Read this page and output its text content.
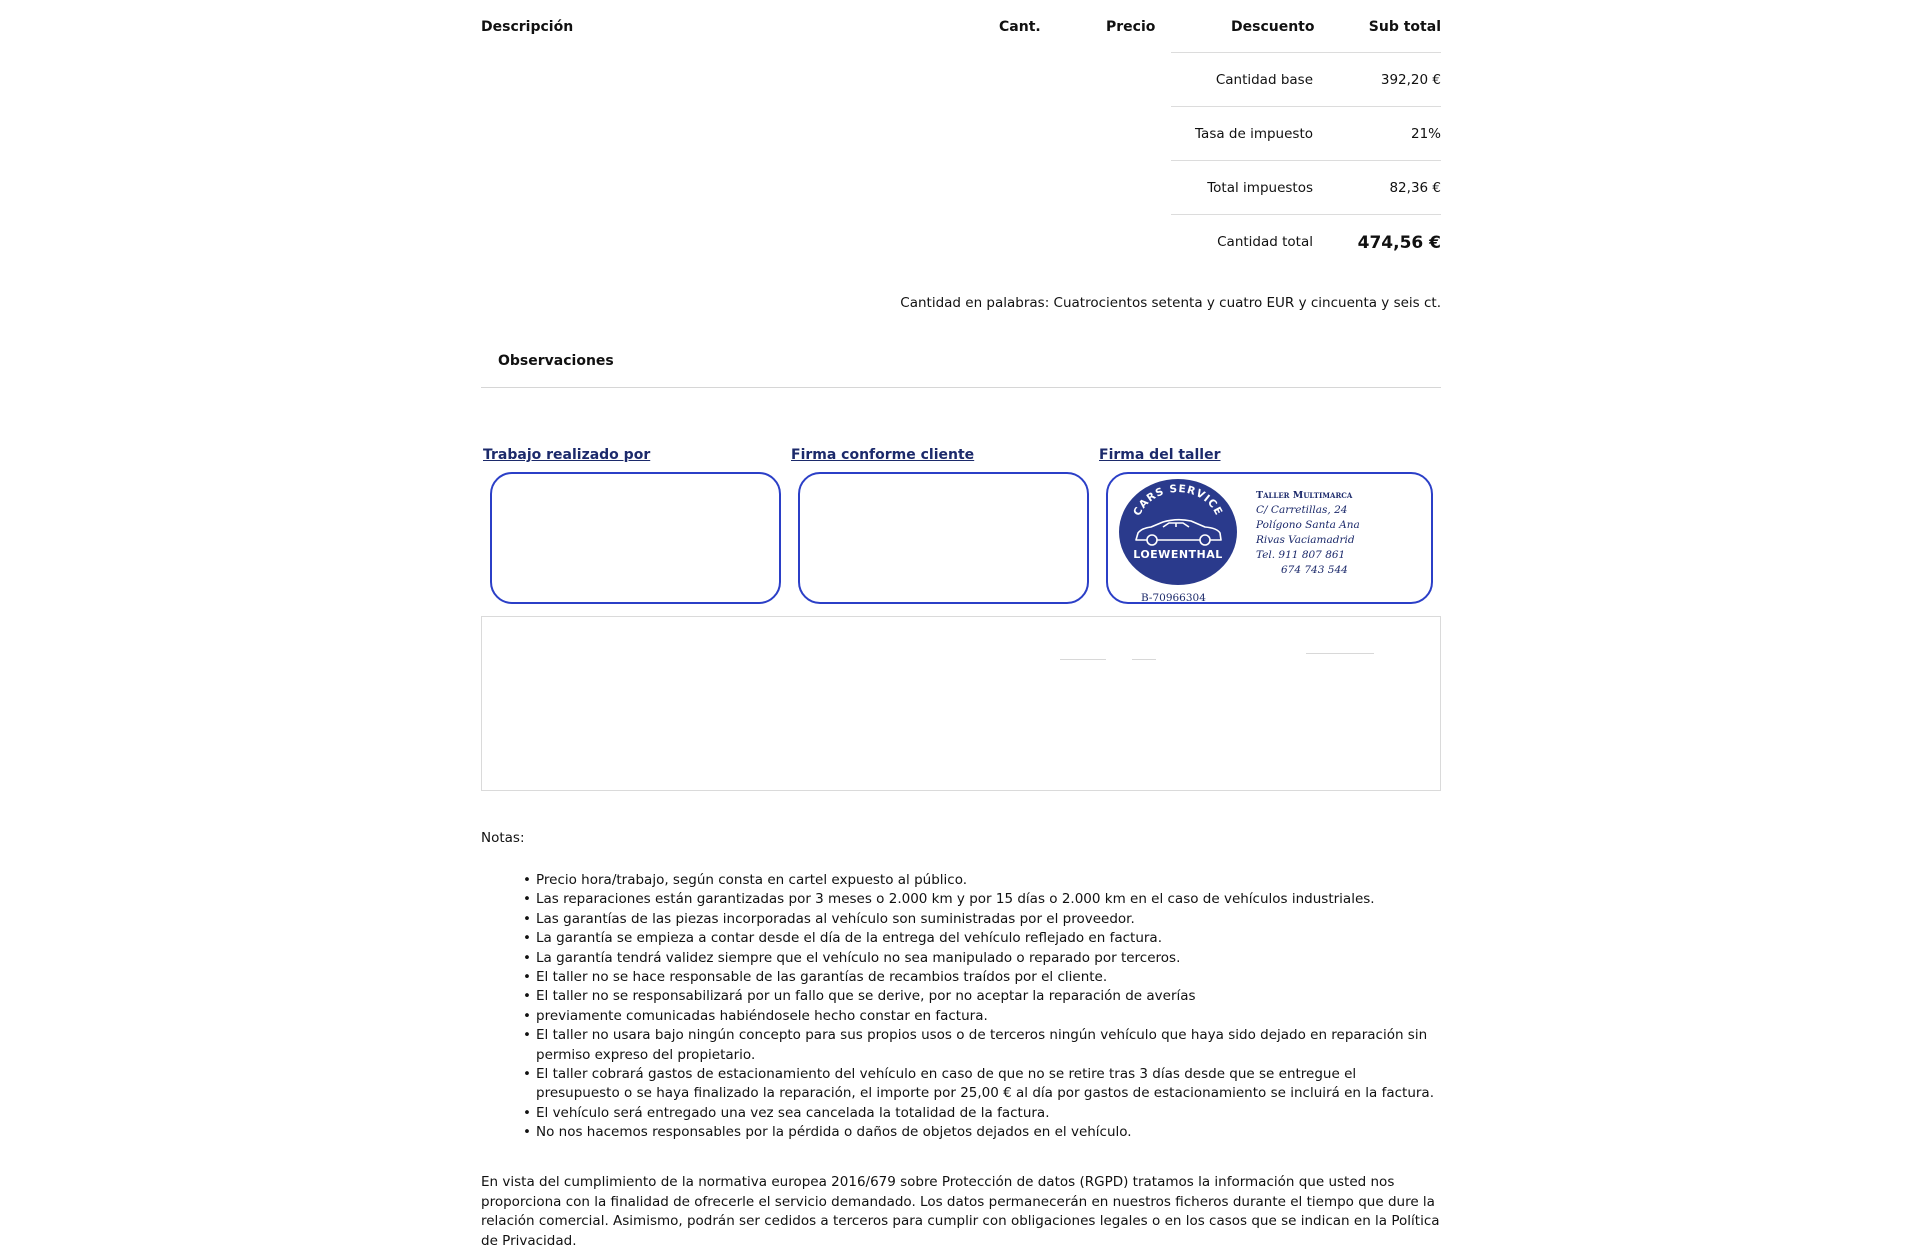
Descripción	Cant.	Precio	Descuento	Sub total
Cantidad base	392,20 €
Tasa de impuesto	21%
Total impuestos	82,36 €
Cantidad total	474,56 €
Cantidad en palabras: Cuatrocientos setenta y cuatro EUR y cincuenta y seis ct.
Observaciones
Trabajo realizado por	Firma conforme cliente	Firma del taller
CARS SERVICE
LOEWENTHAL
Taller Multimarca
C/ Carretillas, 24
Polígono Santa Ana
Rivas Vaciamadrid
Tel. 911 807 861
674 743 544
B-70966304
Notas:
• Precio hora/trabajo, según consta en cartel expuesto al público.
• Las reparaciones están garantizadas por 3 meses o 2.000 km y por 15 días o 2.000 km en el caso de vehículos industriales.
• Las garantías de las piezas incorporadas al vehículo son suministradas por el proveedor.
• La garantía se empieza a contar desde el día de la entrega del vehículo reflejado en factura.
• La garantía tendrá validez siempre que el vehículo no sea manipulado o reparado por terceros.
• El taller no se hace responsable de las garantías de recambios traídos por el cliente.
• El taller no se responsabilizará por un fallo que se derive, por no aceptar la reparación de averías
• previamente comunicadas habiéndosele hecho constar en factura.
• El taller no usara bajo ningún concepto para sus propios usos o de terceros ningún vehículo que haya sido dejado en reparación sin permiso expreso del propietario.
• El taller cobrará gastos de estacionamiento del vehículo en caso de que no se retire tras 3 días desde que se entregue el presupuesto o se haya finalizado la reparación, el importe por 25,00 € al día por gastos de estacionamiento se incluirá en la factura.
• El vehículo será entregado una vez sea cancelada la totalidad de la factura.
• No nos hacemos responsables por la pérdida o daños de objetos dejados en el vehículo.

En vista del cumplimiento de la normativa europea 2016/679 sobre Protección de datos (RGPD) tratamos la información que usted nos proporciona con la finalidad de ofrecerle el servicio demandado. Los datos permanecerán en nuestros ficheros durante el tiempo que dure la relación comercial. Asimismo, podrán ser cedidos a terceros para cumplir con obligaciones legales o en los casos que se indican en la Política de Privacidad.
